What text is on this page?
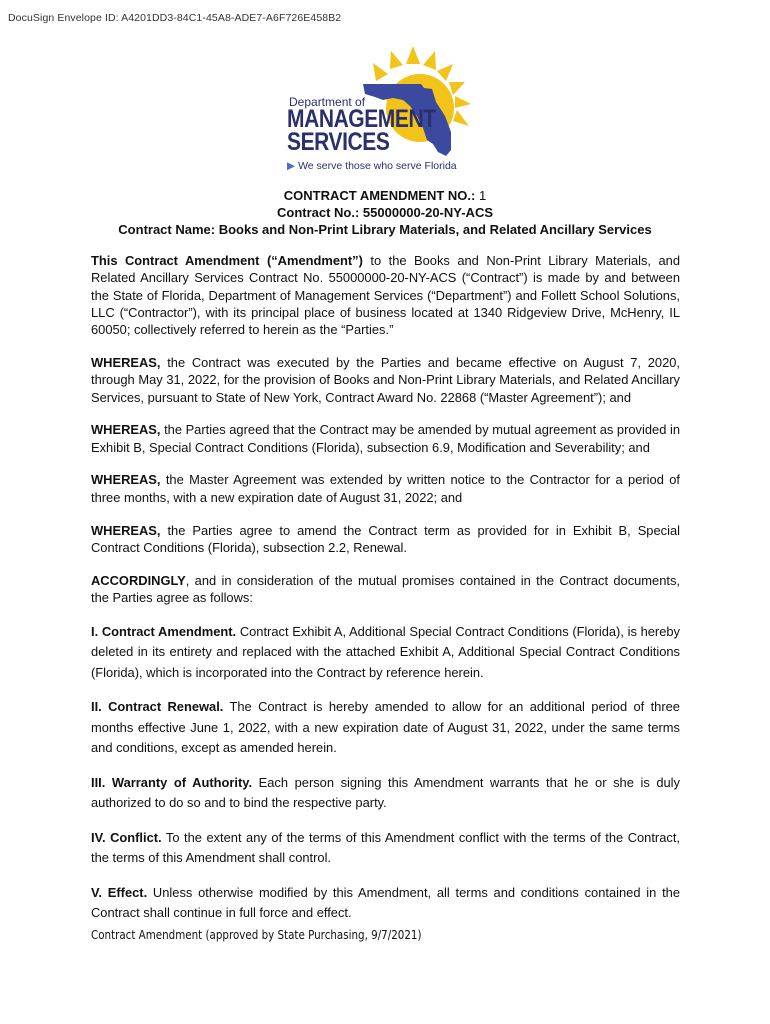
DocuSign Envelope ID: A4201DD3-84C1-45A8-ADE7-A6F726E458B2
Department of
MANAGEMENT
SERVICES
▶ We serve those who serve Florida
CONTRACT AMENDMENT NO.: 1
Contract No.: 55000000-20-NY-ACS
Contract Name: Books and Non-Print Library Materials, and Related Ancillary Services

This Contract Amendment (“Amendment”) to the Books and Non-Print Library Materials, and Related Ancillary Services Contract No. 55000000-20-NY-ACS (“Contract”) is made by and between the State of Florida, Department of Management Services (“Department”) and Follett School Solutions, LLC (“Contractor”), with its principal place of business located at 1340 Ridgeview Drive, McHenry, IL 60050; collectively referred to herein as the “Parties.”

WHEREAS, the Contract was executed by the Parties and became effective on August 7, 2020, through May 31, 2022, for the provision of Books and Non-Print Library Materials, and Related Ancillary Services, pursuant to State of New York, Contract Award No. 22868 (“Master Agreement”); and

WHEREAS, the Parties agreed that the Contract may be amended by mutual agreement as provided in Exhibit B, Special Contract Conditions (Florida), subsection 6.9, Modification and Severability; and

WHEREAS, the Master Agreement was extended by written notice to the Contractor for a period of three months, with a new expiration date of August 31, 2022; and

WHEREAS, the Parties agree to amend the Contract term as provided for in Exhibit B, Special Contract Conditions (Florida), subsection 2.2, Renewal.

ACCORDINGLY, and in consideration of the mutual promises contained in the Contract documents, the Parties agree as follows:

I. Contract Amendment. Contract Exhibit A, Additional Special Contract Conditions (Florida), is hereby deleted in its entirety and replaced with the attached Exhibit A, Additional Special Contract Conditions (Florida), which is incorporated into the Contract by reference herein.

II. Contract Renewal. The Contract is hereby amended to allow for an additional period of three months effective June 1, 2022, with a new expiration date of August 31, 2022, under the same terms and conditions, except as amended herein.

III. Warranty of Authority. Each person signing this Amendment warrants that he or she is duly authorized to do so and to bind the respective party.

IV. Conflict. To the extent any of the terms of this Amendment conflict with the terms of the Contract, the terms of this Amendment shall control.

V. Effect. Unless otherwise modified by this Amendment, all terms and conditions contained in the Contract shall continue in full force and effect.

Contract Amendment (approved by State Purchasing, 9/7/2021)
